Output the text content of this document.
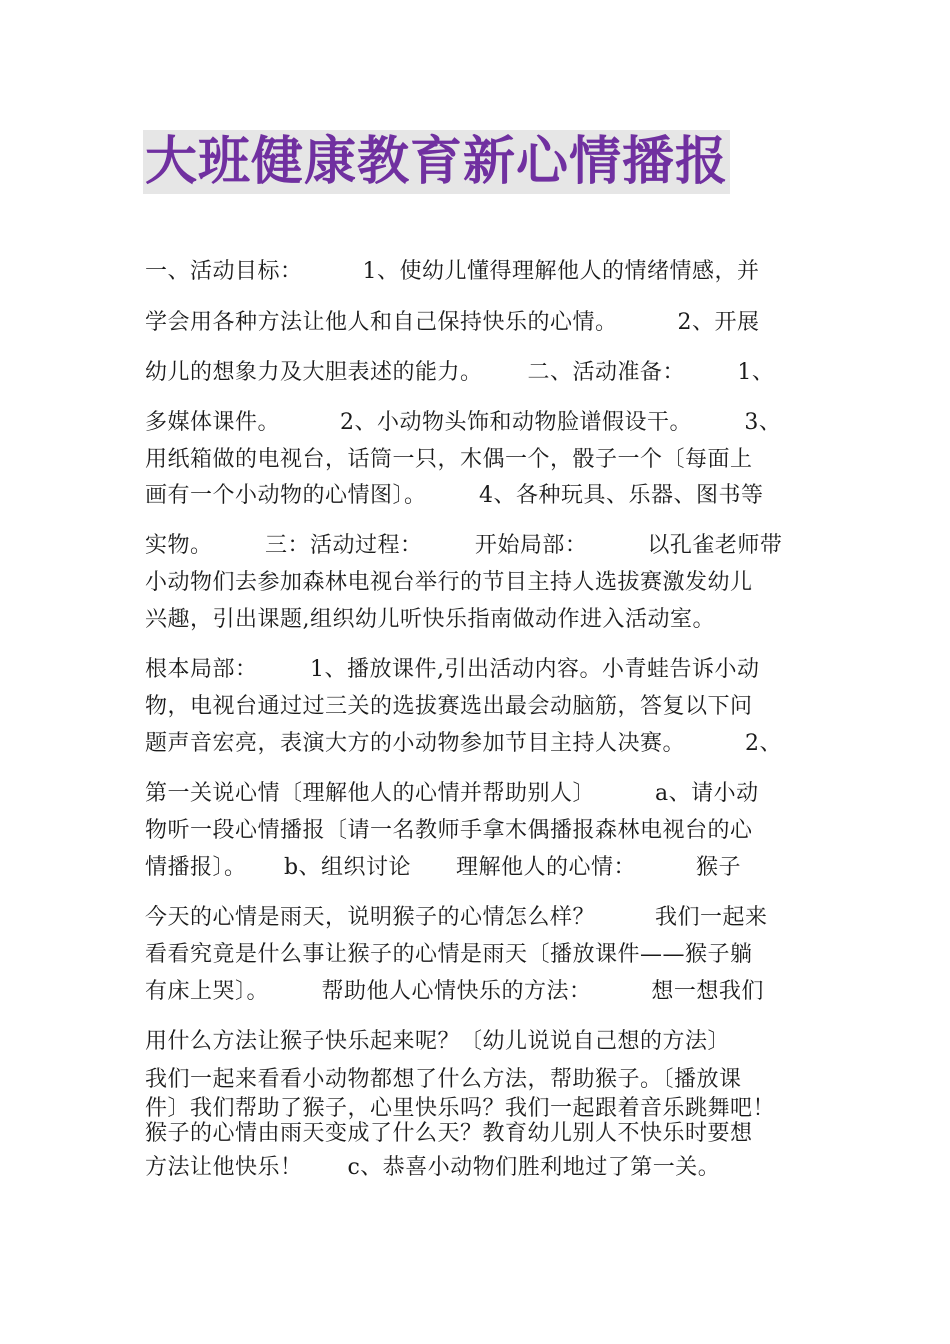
大班健康教育新心情播报
一、活动目标：        1、使幼儿懂得理解他人的情绪情感，并
学会用各种方法让他人和自己保持快乐的心情。        2、开展
幼儿的想象力及大胆表述的能力。      二、活动准备：       1、
多媒体课件。        2、小动物头饰和动物脸谱假设干。       3、
用纸箱做的电视台，话筒一只，木偶一个，骰子一个〔每面上
画有一个小动物的心情图〕。       4、各种玩具、乐器、图书等
实物。       三：活动过程：       开始局部：        以孔雀老师带
小动物们去参加森林电视台举行的节目主持人选拔赛激发幼儿
兴趣，引出课题,组织幼儿听快乐指南做动作进入活动室。
根本局部：       1、播放课件,引出活动内容。小青蛙告诉小动
物，电视台通过过三关的选拔赛选出最会动脑筋，答复以下问
题声音宏亮，表演大方的小动物参加节目主持人决赛。        2、
第一关说心情〔理解他人的心情并帮助别人〕        a、请小动
物听一段心情播报〔请一名教师手拿木偶播报森林电视台的心
情播报〕。     b、组织讨论      理解他人的心情：        猴子
今天的心情是雨天，说明猴子的心情怎么样？        我们一起来
看看究竟是什么事让猴子的心情是雨天〔播放课件——猴子躺
有床上哭〕。       帮助他人心情快乐的方法：        想一想我们
用什么方法让猴子快乐起来呢？〔幼儿说说自己想的方法〕
我们一起来看看小动物都想了什么方法，帮助猴子。〔播放课
件〕我们帮助了猴子，心里快乐吗？我们一起跟着音乐跳舞吧！
猴子的心情由雨天变成了什么天？教育幼儿别人不快乐时要想
方法让他快乐！      c、恭喜小动物们胜利地过了第一关。
